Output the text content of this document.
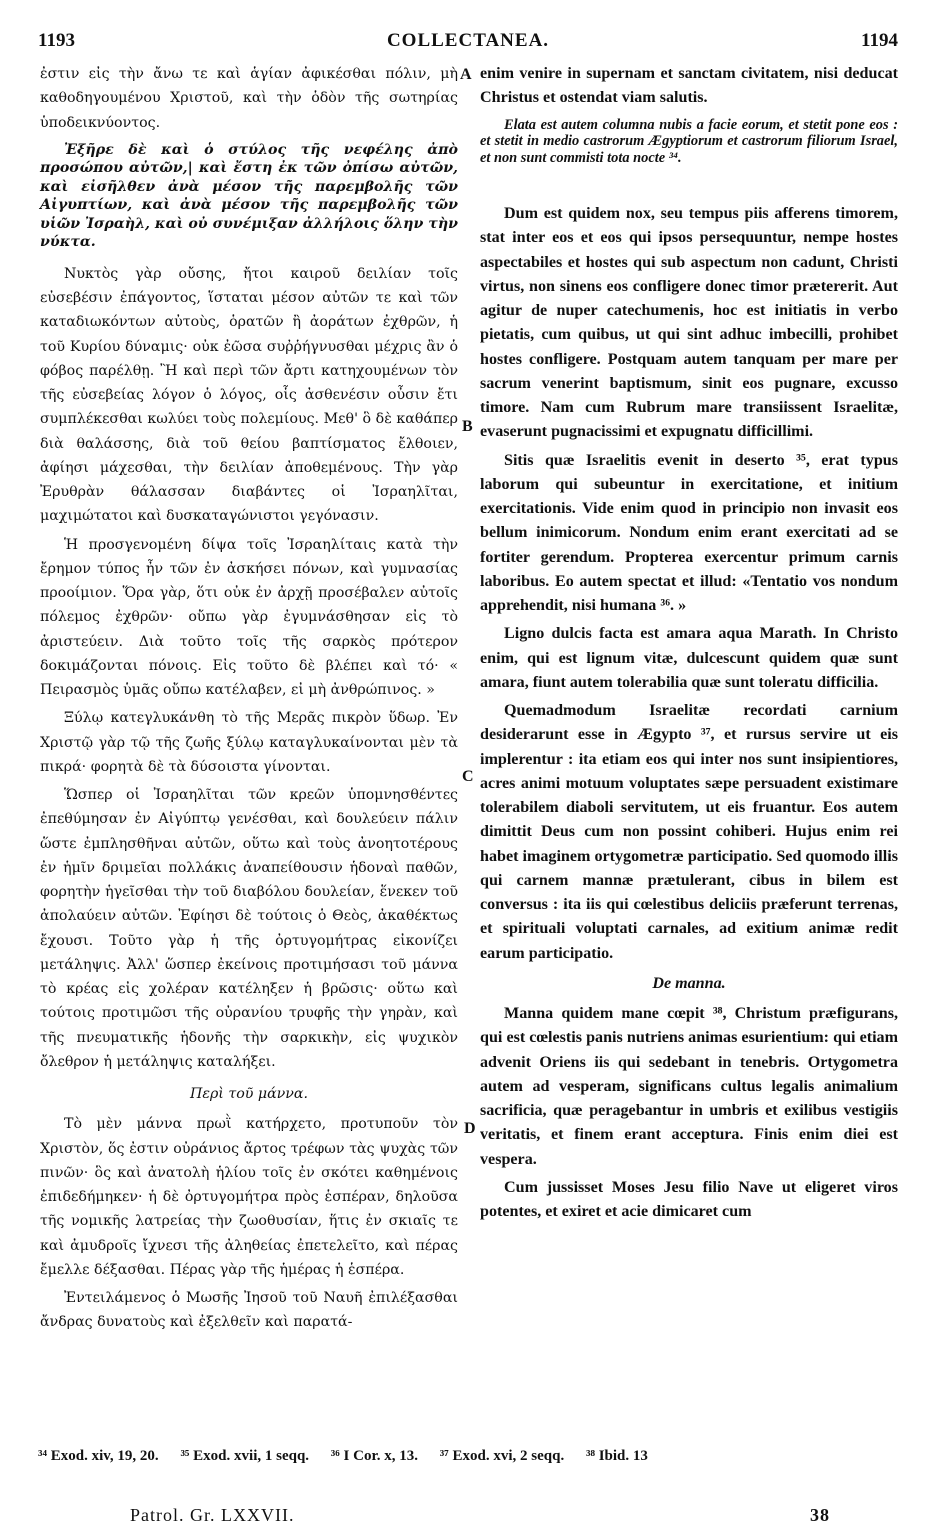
1193	COLLECTANEA.	1194

ἐστιν εἰς τὴν ἄνω τε καὶ ἁγίαν ἀφικέσθαι πόλιν, μὴ καθοδηγουμένου Χριστοῦ, καὶ τὴν ὁδὸν τῆς σωτηρίας ὑποδεικνύοντος.

Ἐξῆρε δὲ καὶ ὁ στύλος τῆς νεφέλης ἀπὸ προσώπου αὐτῶν,| καὶ ἔστη ἐκ τῶν ὀπίσω αὐτῶν, καὶ εἰσῆλθεν ἀνὰ μέσον τῆς παρεμβολῆς τῶν Αἰγυπτίων, καὶ ἀνὰ μέσον τῆς παρεμβολῆς τῶν υἱῶν Ἰσραὴλ, καὶ οὐ συνέμιξαν ἀλλήλοις ὅλην τὴν νύκτα.

Νυκτὸς γὰρ οὔσης, ἤτοι καιροῦ δειλίαν τοῖς εὐσεβέσιν ἐπάγοντος, ἵσταται μέσον αὐτῶν τε καὶ τῶν καταδιωκόντων αὐτοὺς, ὁρατῶν ἢ ἀοράτων ἐχθρῶν, ἡ τοῦ Κυρίου δύναμις· οὐκ ἐῶσα συῤῥήγνυσθαι μέχρις ἂν ὁ φόβος παρέλθῃ. Ἢ καὶ περὶ τῶν ἄρτι κατηχουμένων τὸν τῆς εὐσεβείας λόγον ὁ λόγος, οἷς ἀσθενέσιν οὖσιν ἔτι συμπλέκεσθαι κωλύει τοὺς πολεμίους. Μεθ' ὃ δὲ καθάπερ διὰ θαλάσσης, διὰ τοῦ θείου βαπτίσματος ἔλθοιεν, ἀφίησι μάχεσθαι, τὴν δειλίαν ἀποθεμένους. Τὴν γὰρ Ἐρυθρὰν θάλασσαν διαβάντες οἱ Ἰσραηλῖται, μαχιμώτατοι καὶ δυσκαταγώνιστοι γεγόνασιν.

Ἡ προσγενομένη δίψα τοῖς Ἰσραηλίταις κατὰ τὴν ἔρημον τύπος ἦν τῶν ἐν ἀσκήσει πόνων, καὶ γυμνασίας προοίμιον. Ὅρα γὰρ, ὅτι οὐκ ἐν ἀρχῇ προσέβαλεν αὐτοῖς πόλεμος ἐχθρῶν· οὔπω γὰρ ἐγυμνάσθησαν εἰς τὸ ἀριστεύειν. Διὰ τοῦτο τοῖς τῆς σαρκὸς πρότερον δοκιμάζονται πόνοις. Εἰς τοῦτο δὲ βλέπει καὶ τό· « Πειρασμὸς ὑμᾶς οὔπω κατέλαβεν, εἰ μὴ ἀνθρώπινος. »

Ξύλῳ κατεγλυκάνθη τὸ τῆς Μερᾶς πικρὸν ὕδωρ. Ἐν Χριστῷ γὰρ τῷ τῆς ζωῆς ξύλῳ καταγλυκαίνονται μὲν τὰ πικρά· φορητὰ δὲ τὰ δύσοιστα γίνονται.

Ὥσπερ οἱ Ἰσραηλῖται τῶν κρεῶν ὑπομνησθέντες ἐπεθύμησαν ἐν Αἰγύπτῳ γενέσθαι, καὶ δουλεύειν πάλιν ὥστε ἐμπλησθῆναι αὐτῶν, οὕτω καὶ τοὺς ἀνοητοτέρους ἐν ἡμῖν δριμεῖαι πολλάκις ἀναπείθουσιν ἡδοναὶ παθῶν, φορητὴν ἡγεῖσθαι τὴν τοῦ διαβόλου δουλείαν, ἕνεκεν τοῦ ἀπολαύειν αὐτῶν. Ἐφίησι δὲ τούτοις ὁ Θεὸς, ἀκαθέκτως ἔχουσι. Τοῦτο γὰρ ἡ τῆς ὀρτυγομήτρας εἰκονίζει μετάληψις. Ἀλλ' ὥσπερ ἐκείνοις προτιμήσασι τοῦ μάννα τὸ κρέας εἰς χολέραν κατέληξεν ἡ βρῶσις· οὕτω καὶ τούτοις προτιμῶσι τῆς οὐρανίου τρυφῆς τὴν γηρὰν, καὶ τῆς πνευματικῆς ἡδονῆς τὴν σαρκικὴν, εἰς ψυχικὸν ὄλεθρον ἡ μετάληψις καταλήξει.

Περὶ τοῦ μάννα.

Τὸ μὲν μάννα πρωῒ κατήρχετο, προτυποῦν τὸν Χριστὸν, ὅς ἐστιν οὐράνιος ἄρτος τρέφων τὰς ψυχὰς τῶν πινῶν· ὃς καὶ ἀνατολὴ ἡλίου τοῖς ἐν σκότει καθημένοις ἐπιδεδήμηκεν· ἡ δὲ ὀρτυγομήτρα πρὸς ἑσπέραν, δηλοῦσα τῆς νομικῆς λατρείας τὴν ζωοθυσίαν, ἥτις ἐν σκιαῖς τε καὶ ἀμυδροῖς ἴχνεσι τῆς ἀληθείας ἐπετελεῖτο, καὶ πέρας ἔμελλε δέξασθαι. Πέρας γὰρ τῆς ἡμέρας ἡ ἑσπέρα.

Ἐντειλάμενος ὁ Μωσῆς Ἰησοῦ τοῦ Ναυῆ ἐπιλέξασθαι ἄνδρας δυνατοὺς καὶ ἐξελθεῖν καὶ παρατά-

enim venire in supernam et sanctam civitatem, nisi deducat Christus et ostendat viam salutis.

Elata est autem columna nubis a facie eorum, et stetit pone eos : et stetit in medio castrorum Ægyptiorum et castrorum filiorum Israel, et non sunt commisti tota nocte ³⁴.

Dum est quidem nox, seu tempus piis afferens timorem, stat inter eos et eos qui ipsos persequuntur, nempe hostes aspectabiles et hostes qui sub aspectum non cadunt, Christi virtus, non sinens eos confligere donec timor prætererit. Aut agitur de nuper catechumenis, hoc est initiatis in verbo pietatis, cum quibus, ut qui sint adhuc imbecilli, prohibet hostes confligere. Postquam autem tanquam per mare per sacrum venerint baptismum, sinit eos pugnare, excusso timore. Nam cum Rubrum mare transiissent Israelitæ, evaserunt pugnacissimi et expugnatu difficillimi.

Sitis quæ Israelitis evenit in deserto ³⁵, erat typus laborum qui subeuntur in exercitatione, et initium exercitationis. Vide enim quod in principio non invasit eos bellum inimicorum. Nondum enim erant exercitati ad se fortiter gerendum. Propterea exercentur primum carnis laboribus. Eo autem spectat et illud: «Tentatio vos nondum apprehendit, nisi humana ³⁶. »

Ligno dulcis facta est amara aqua Marath. In Christo enim, qui est lignum vitæ, dulcescunt quidem quæ sunt amara, fiunt autem tolerabilia quæ sunt toleratu difficilia.

Quemadmodum Israelitæ recordati carnium desiderarunt esse in Ægypto ³⁷, et rursus servire ut eis implerentur : ita etiam eos qui inter nos sunt insipientiores, acres animi motuum voluptates sæpe persuadent existimare tolerabilem diaboli servitutem, ut eis fruantur. Eos autem dimittit Deus cum non possint cohiberi. Hujus enim rei habet imaginem ortygometræ participatio. Sed quomodo illis qui carnem mannæ prætulerant, cibus in bilem est conversus : ita iis qui cœlestibus deliciis præferunt terrenas, et spirituali voluptati carnales, ad exitium animæ redit earum participatio.

De manna.

Manna quidem mane cœpit ³⁸, Christum præfigurans, qui est cœlestis panis nutriens animas esurientium: qui etiam advenit Oriens iis qui sedebant in tenebris. Ortygometra autem ad vesperam, significans cultus legalis animalium sacrificia, quæ peragebantur in umbris et exilibus vestigiis veritatis, et finem erant acceptura. Finis enim diei est vespera.

Cum jussisset Moses Jesu filio Nave ut eligeret viros potentes, et exiret et acie dimicaret cum

A
B
C
D
³⁴ Exod. xiv, 19, 20. ³⁵ Exod. xvii, 1 seqq. ³⁶ I Cor. x, 13. ³⁷ Exod. xvi, 2 seqq. ³⁸ Ibid. 13
Patrol. Gr. LXXVII.	38
